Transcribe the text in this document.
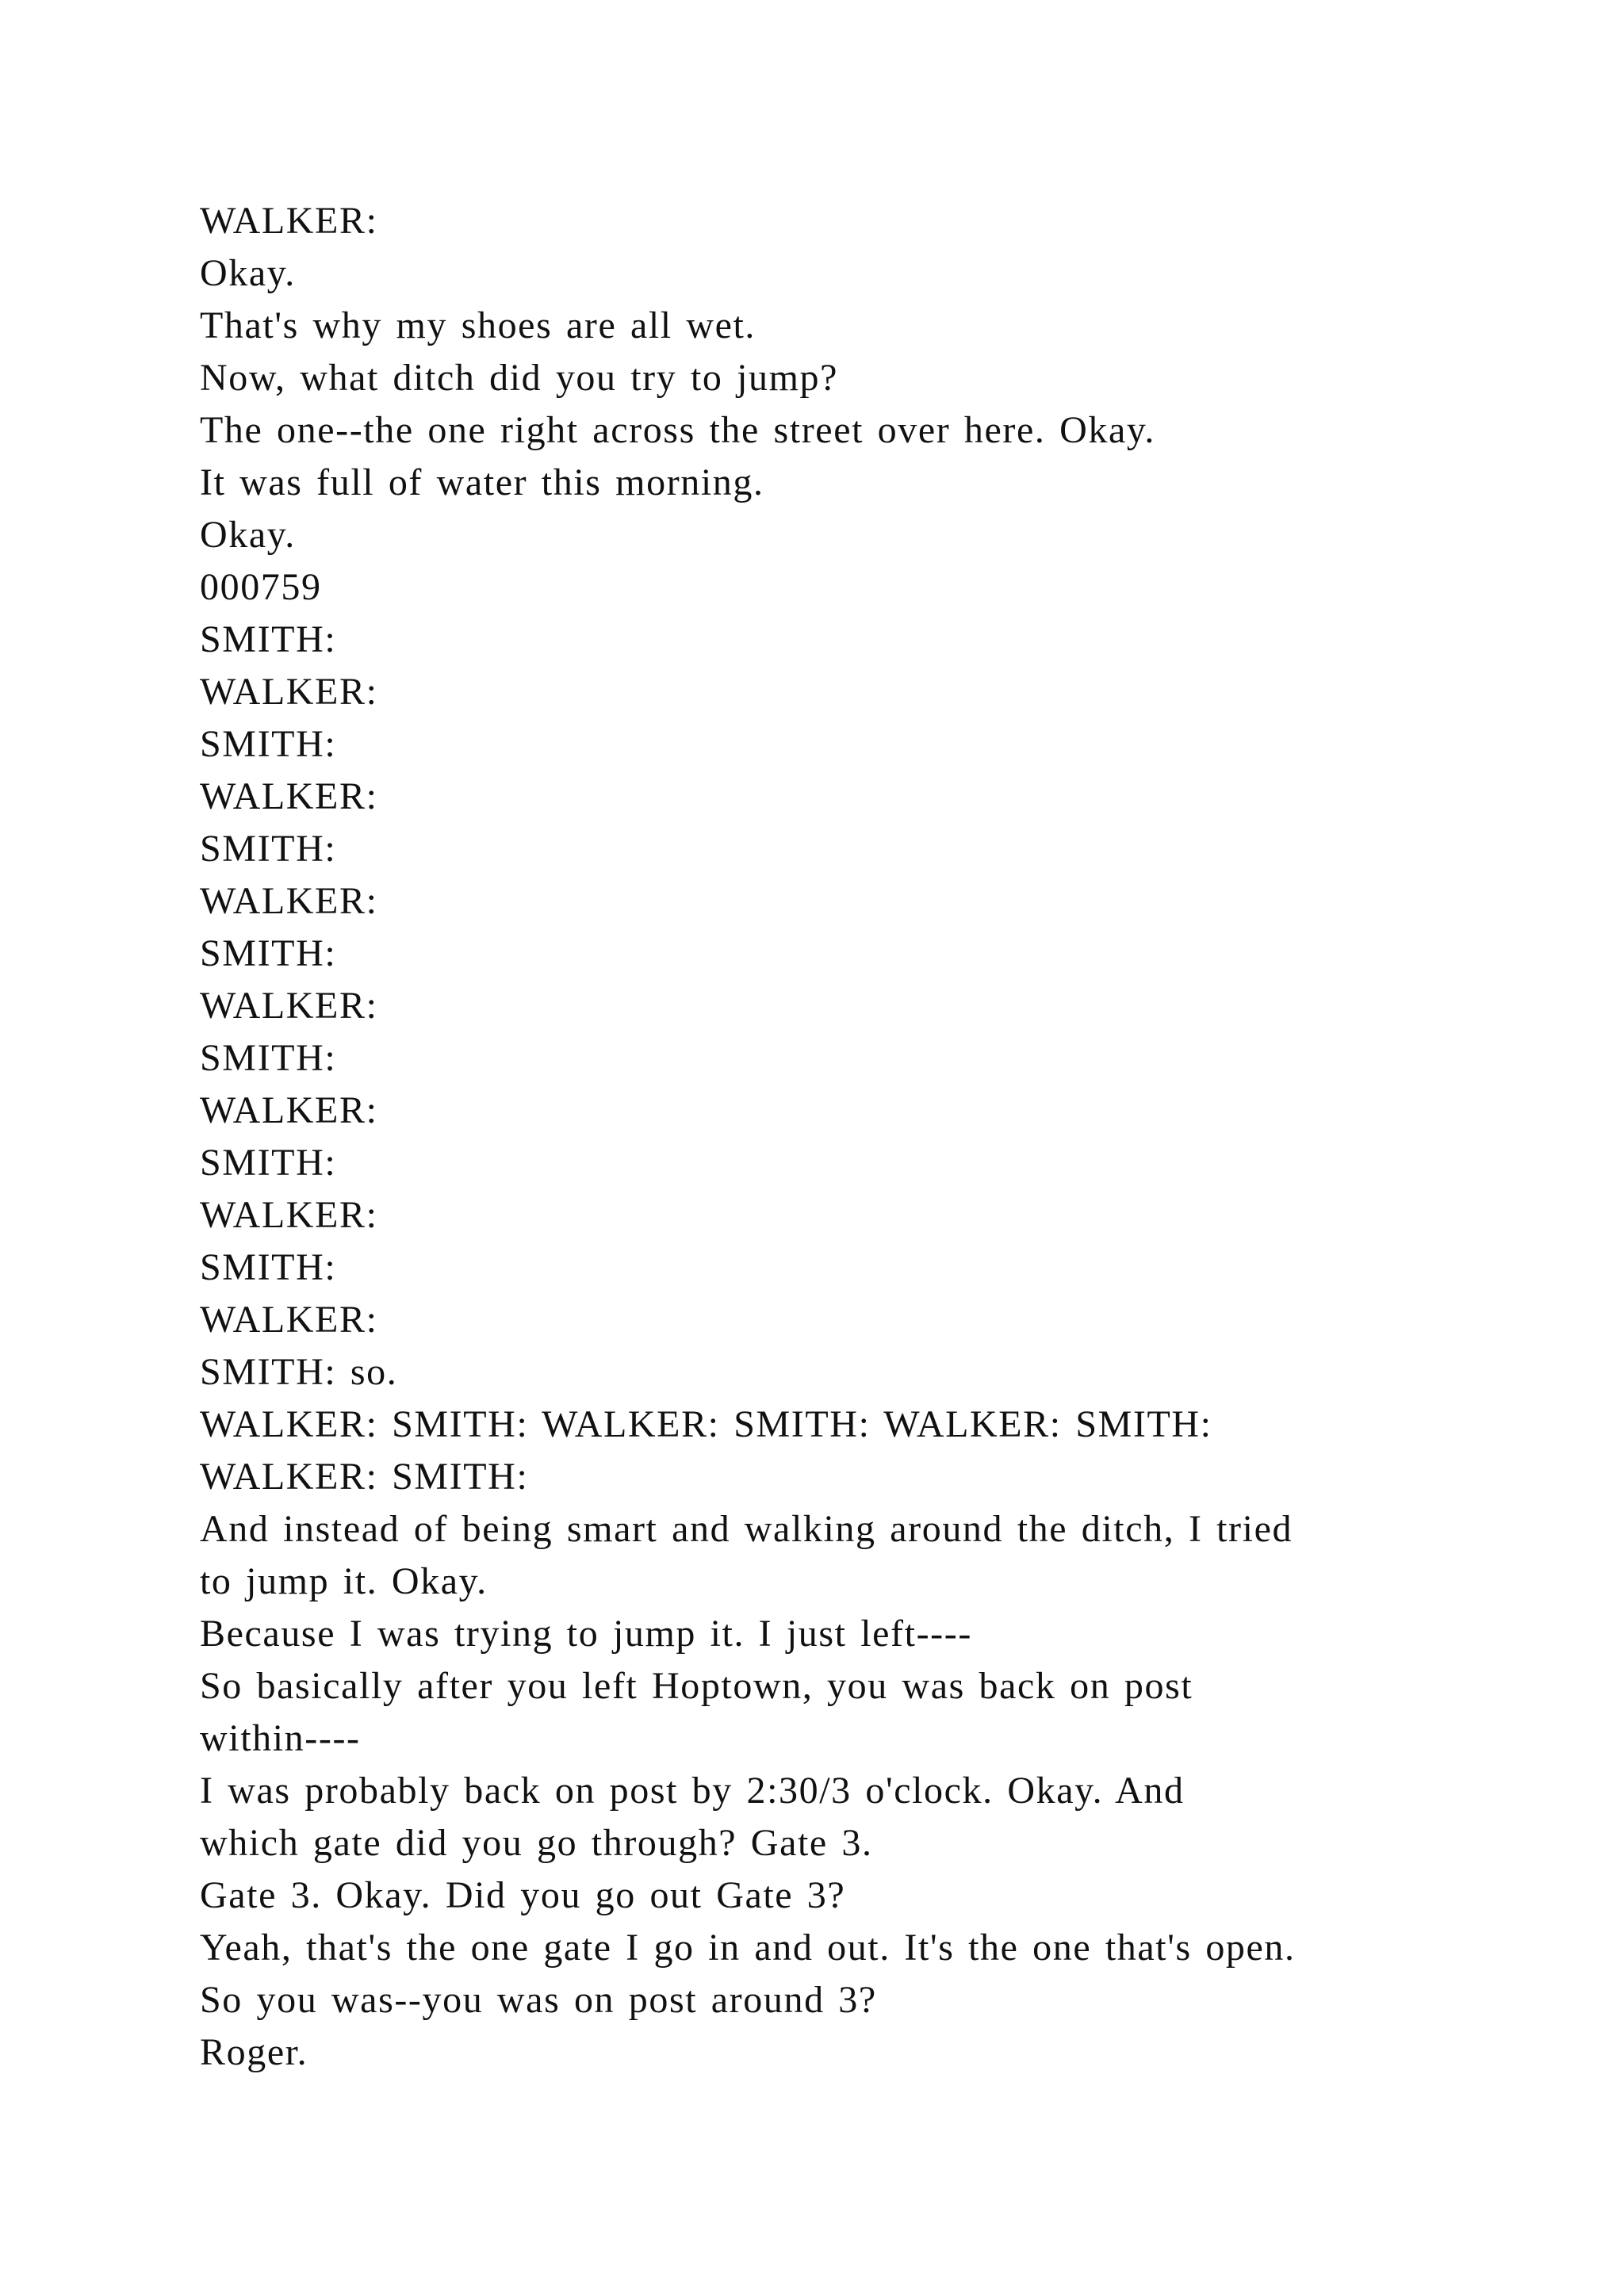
WALKER:
Okay.
That's why my shoes are all wet.
Now, what ditch did you try to jump?
The one--the one right across the street over here. Okay.
It was full of water this morning.
Okay.
000759
SMITH:
WALKER:
SMITH:
WALKER:
SMITH:
WALKER:
SMITH:
WALKER:
SMITH:
WALKER:
SMITH:
WALKER:
SMITH:
WALKER:
SMITH: so.
WALKER: SMITH: WALKER: SMITH: WALKER: SMITH:
WALKER: SMITH:
And instead of being smart and walking around the ditch, I tried
to jump it. Okay.
Because I was trying to jump it. I just left----
So basically after you left Hoptown, you was back on post
within----
I was probably back on post by 2:30/3 o'clock. Okay. And
which gate did you go through? Gate 3.
Gate 3. Okay. Did you go out Gate 3?
Yeah, that's the one gate I go in and out. It's the one that's open.
So you was--you was on post around 3?
Roger.
